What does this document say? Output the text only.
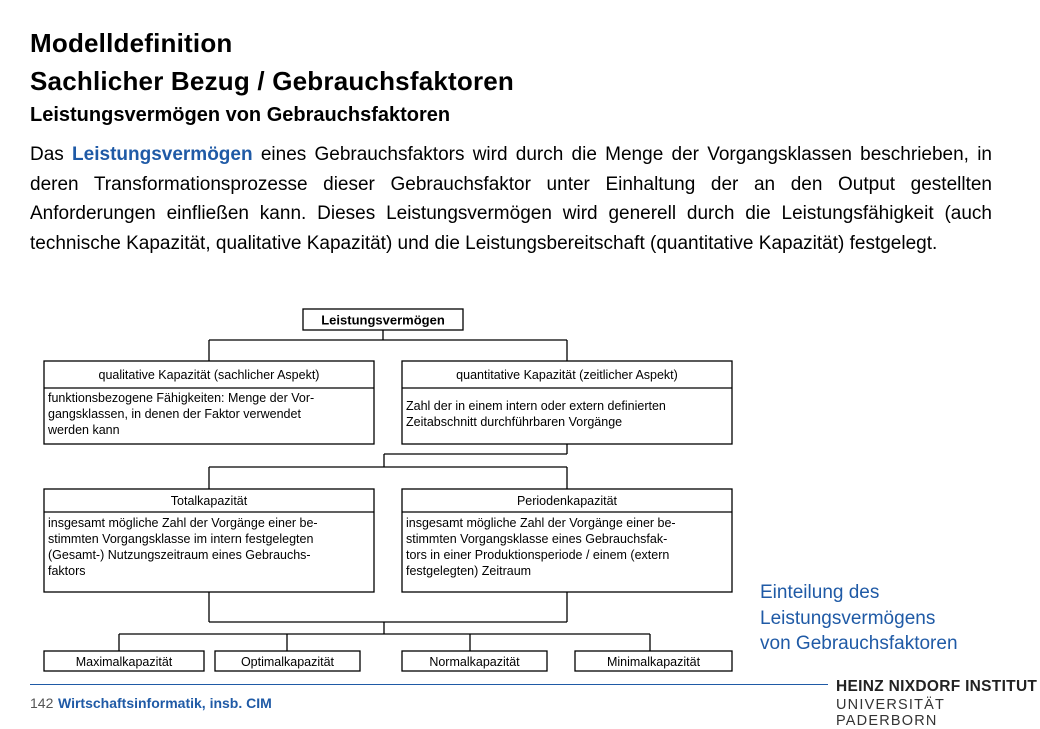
Modelldefinition
Sachlicher Bezug / Gebrauchsfaktoren
Leistungsvermögen von Gebrauchsfaktoren
Das Leistungsvermögen eines Gebrauchsfaktors wird durch die Menge der Vorgangsklassen beschrieben, in deren Transformationsprozesse dieser Gebrauchsfaktor unter Einhaltung der an den Output gestellten Anforderungen einfließen kann. Dieses Leistungsvermögen wird generell durch die Leistungsfähigkeit (auch technische Kapazität, qualitative Kapazität) und die Leistungsbereitschaft (quantitative Kapazität) festgelegt.
Leistungsvermögen
qualitative Kapazität (sachlicher Aspekt)
funktionsbezogene Fähigkeiten: Menge der Vor-
gangsklassen, in denen der Faktor verwendet
werden kann
quantitative Kapazität (zeitlicher Aspekt)
Zahl der in einem intern oder extern definierten
Zeitabschnitt durchführbaren Vorgänge
Totalkapazität
insgesamt mögliche Zahl der Vorgänge einer be-
stimmten Vorgangsklasse im intern festgelegten
(Gesamt-) Nutzungszeitraum eines Gebrauchs-
faktors
Periodenkapazität
insgesamt mögliche Zahl der Vorgänge einer be-
stimmten Vorgangsklasse eines Gebrauchsfak-
tors in einer Produktionsperiode / einem (extern
festgelegten) Zeitraum
Maximalkapazität	Optimalkapazität	Normalkapazität	Minimalkapazität
Einteilung des
Leistungsvermögens
von Gebrauchsfaktoren
142 Wirtschaftsinformatik, insb. CIM
HEINZ NIXDORF INSTITUT
UNIVERSITÄT PADERBORN
